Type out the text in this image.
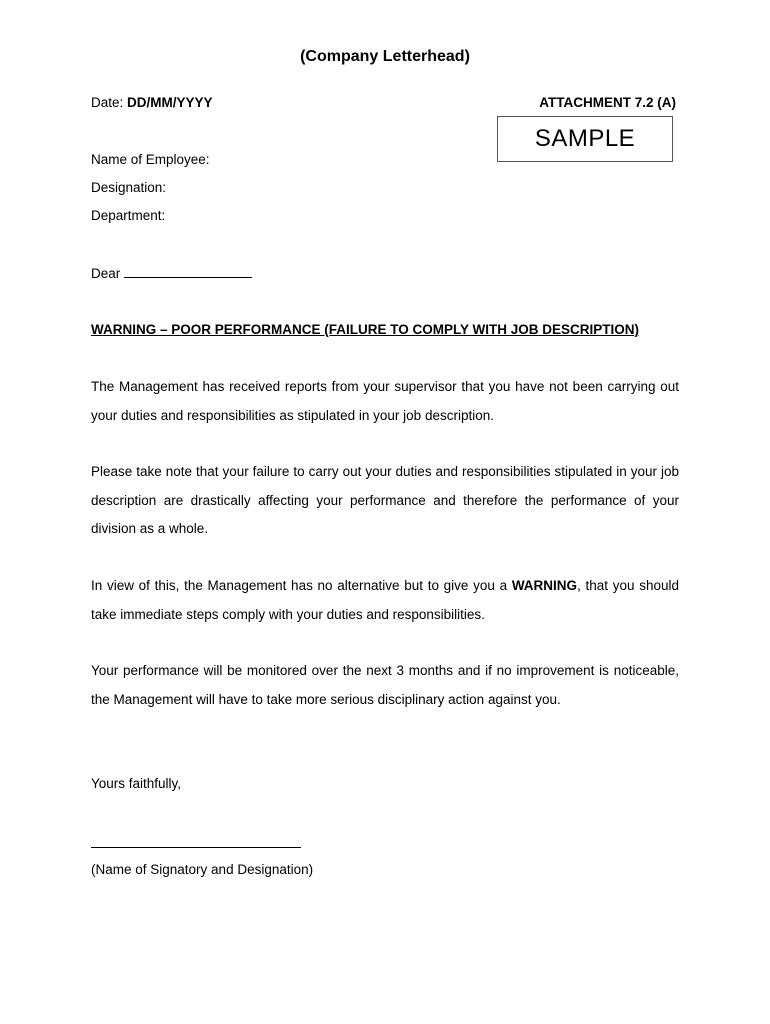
(Company Letterhead)
Date: DD/MM/YYYY	ATTACHMENT 7.2 (A)
SAMPLE
Name of Employee:
Designation:
Department:
Dear
WARNING – POOR PERFORMANCE (FAILURE TO COMPLY WITH JOB DESCRIPTION)
The Management has received reports from your supervisor that you have not been carrying out your duties and responsibilities as stipulated in your job description.
Please take note that your failure to carry out your duties and responsibilities stipulated in your job description are drastically affecting your performance and therefore the performance of your division as a whole.
In view of this, the Management has no alternative but to give you a WARNING, that you should take immediate steps comply with your duties and responsibilities.
Your performance will be monitored over the next 3 months and if no improvement is noticeable, the Management will have to take more serious disciplinary action against you.
Yours faithfully,
(Name of Signatory and Designation)
